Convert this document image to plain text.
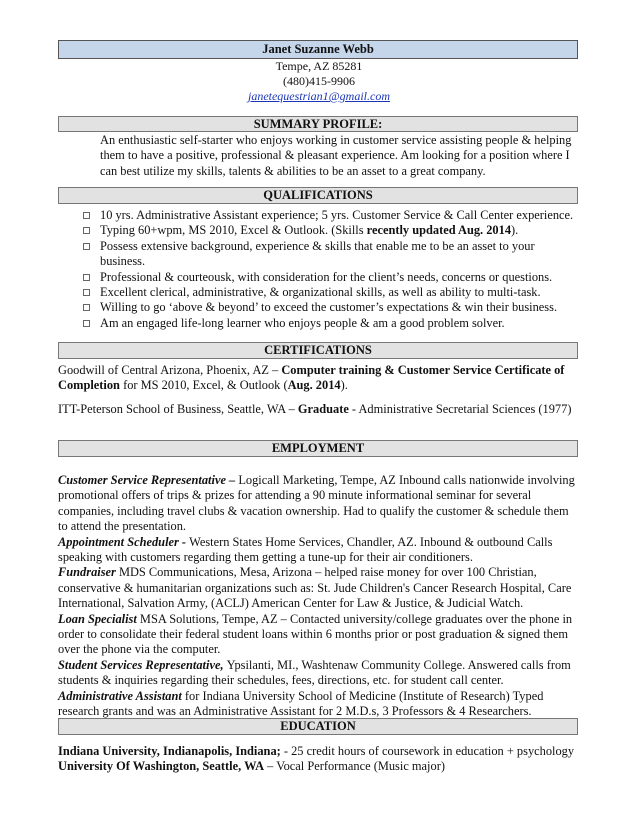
Janet Suzanne Webb
Tempe, AZ 85281
(480)415-9906
janetequestrian1@gmail.com
SUMMARY PROFILE:
An enthusiastic self-starter who enjoys working in customer service assisting people & helping them to have a positive, professional & pleasant experience. Am looking for a position where I can best utilize my skills, talents & abilities to be an asset to a great company.
QUALIFICATIONS
10 yrs. Administrative Assistant experience; 5 yrs. Customer Service & Call Center experience.
Typing 60+wpm, MS 2010, Excel & Outlook. (Skills recently updated Aug. 2014).
Possess extensive background, experience & skills that enable me to be an asset to your business.
Professional & courteousk, with consideration for the client’s needs, concerns or questions.
Excellent clerical, administrative, & organizational skills, as well as ability to multi-task.
Willing to go ‘above & beyond’ to exceed the customer’s expectations & win their business.
Am an engaged life-long learner who enjoys people & am a good problem solver.
CERTIFICATIONS
Goodwill of Central Arizona, Phoenix, AZ – Computer training & Customer Service Certificate of Completion for MS 2010, Excel, & Outlook (Aug. 2014).
ITT-Peterson School of Business, Seattle, WA – Graduate - Administrative Secretarial Sciences (1977)
EMPLOYMENT
Customer Service Representative – Logicall Marketing, Tempe, AZ Inbound calls nationwide involving promotional offers of trips & prizes for attending a 90 minute informational seminar for several companies, including travel clubs & vacation ownership. Had to qualify the customer & schedule them to attend the presentation.
Appointment Scheduler - Western States Home Services, Chandler, AZ. Inbound & outbound Calls speaking with customers regarding them getting a tune-up for their air conditioners.
Fundraiser MDS Communications, Mesa, Arizona – helped raise money for over 100 Christian, conservative & humanitarian organizations such as: St. Jude Children's Cancer Research Hospital, Care International, Salvation Army, (ACLJ) American Center for Law & Justice, & Judicial Watch.
Loan Specialist MSA Solutions, Tempe, AZ – Contacted university/college graduates over the phone in order to consolidate their federal student loans within 6 months prior or post graduation & signed them over the phone via the computer.
Student Services Representative, Ypsilanti, MI., Washtenaw Community College. Answered calls from students & inquiries regarding their schedules, fees, directions, etc. for student call center.
Administrative Assistant for Indiana University School of Medicine (Institute of Research) Typed research grants and was an Administrative Assistant for 2 M.D.s, 3 Professors & 4 Researchers.
EDUCATION
Indiana University, Indianapolis, Indiana; - 25 credit hours of coursework in education + psychology
University Of Washington, Seattle, WA – Vocal Performance (Music major)
